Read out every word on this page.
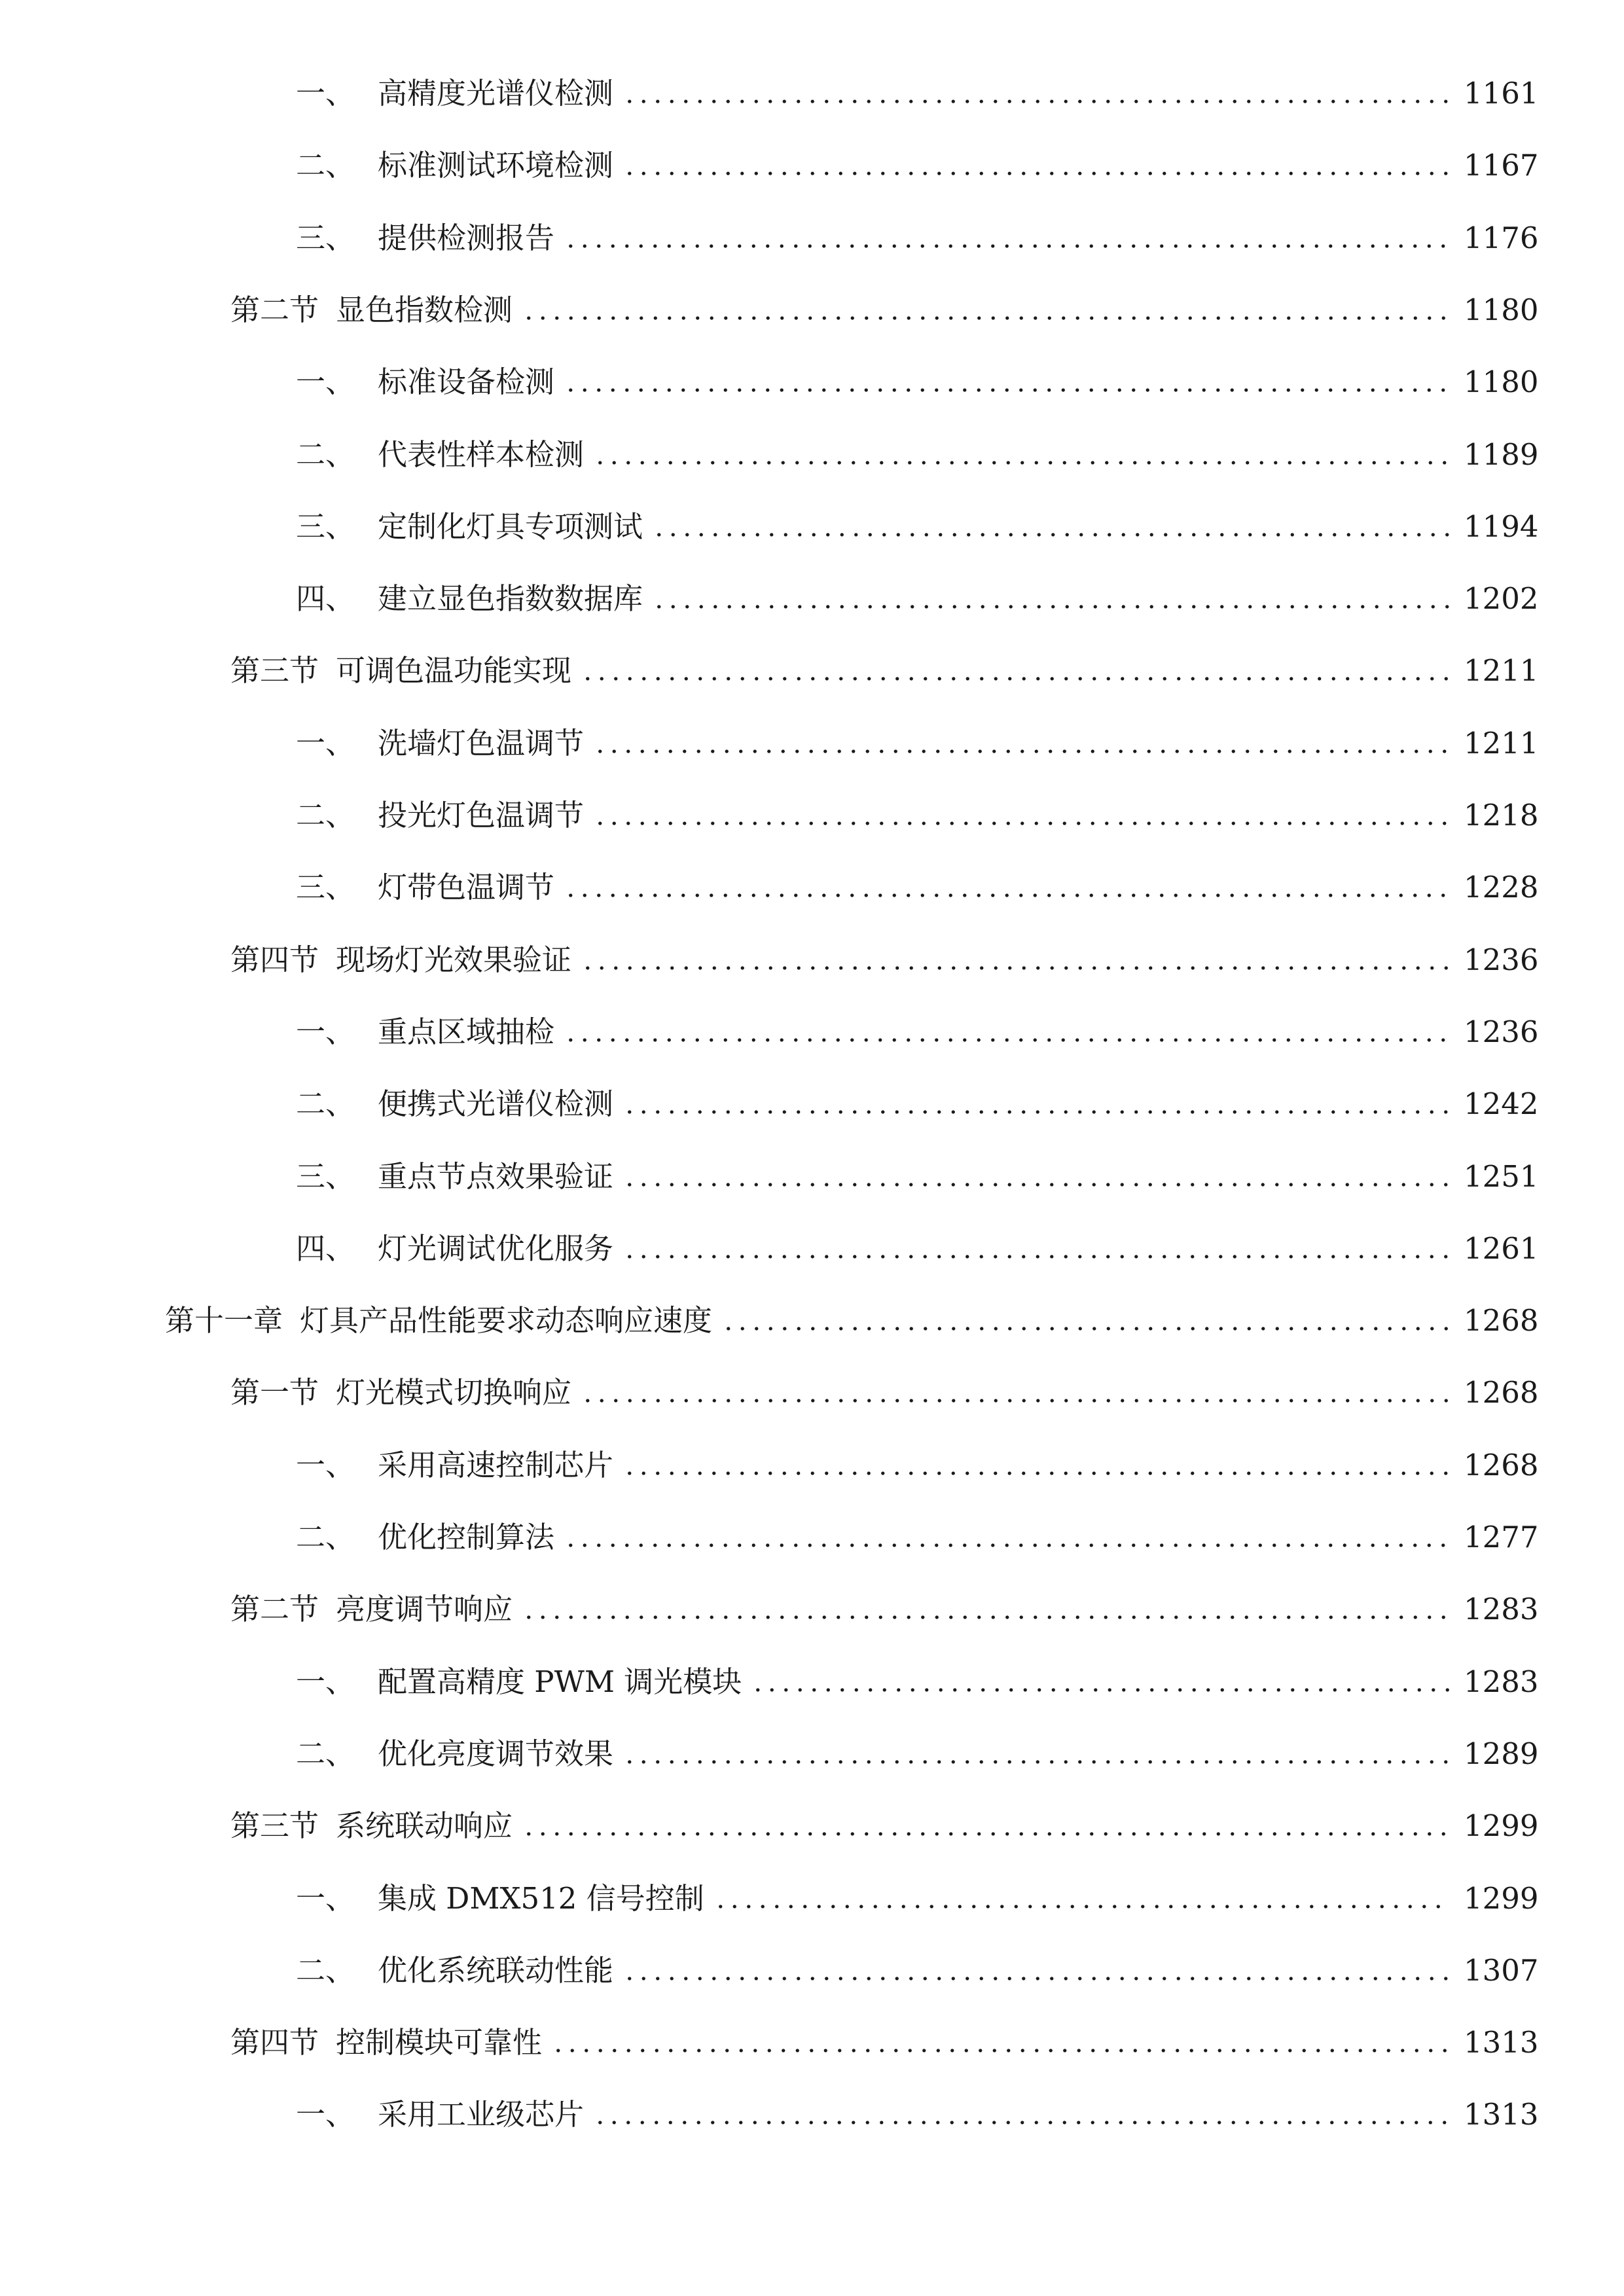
一、 高精度光谱仪检测	1161
二、 标准测试环境检测	1167
三、 提供检测报告	1176
第二节 显色指数检测	1180
一、 标准设备检测	1180
二、 代表性样本检测	1189
三、 定制化灯具专项测试	1194
四、 建立显色指数数据库	1202
第三节 可调色温功能实现	1211
一、 洗墙灯色温调节	1211
二、 投光灯色温调节	1218
三、 灯带色温调节	1228
第四节 现场灯光效果验证	1236
一、 重点区域抽检	1236
二、 便携式光谱仪检测	1242
三、 重点节点效果验证	1251
四、 灯光调试优化服务	1261
第十一章 灯具产品性能要求动态响应速度	1268
第一节 灯光模式切换响应	1268
一、 采用高速控制芯片	1268
二、 优化控制算法	1277
第二节 亮度调节响应	1283
一、 配置高精度 PWM 调光模块	1283
二、 优化亮度调节效果	1289
第三节 系统联动响应	1299
一、 集成 DMX512 信号控制	1299
二、 优化系统联动性能	1307
第四节 控制模块可靠性	1313
一、 采用工业级芯片	1313
